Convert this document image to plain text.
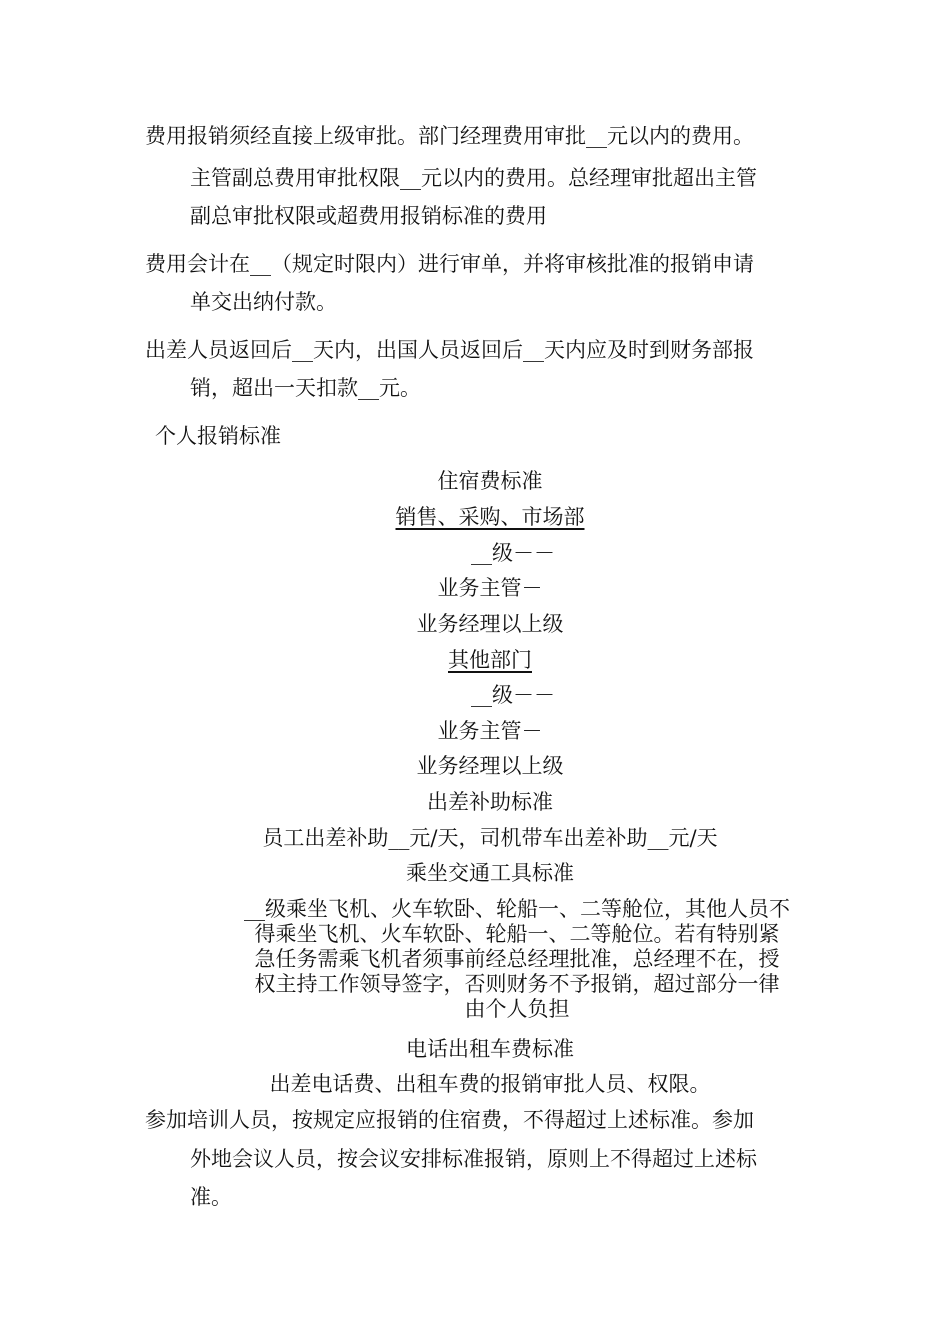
费用报销须经直接上级审批。部门经理费用审批__元以内的费用。
主管副总费用审批权限__元以内的费用。总经理审批超出主管
副总审批权限或超费用报销标准的费用
费用会计在__（规定时限内）进行审单，并将审核批准的报销申请
单交出纳付款。
出差人员返回后__天内，出国人员返回后__天内应及时到财务部报
销，超出一天扣款__元。
个人报销标准
住宿费标准
销售、采购、市场部
__级－－
业务主管－
业务经理以上级
其他部门
__级－－
业务主管－
业务经理以上级
出差补助标准
员工出差补助__元/天，司机带车出差补助__元/天
乘坐交通工具标准
__级乘坐飞机、火车软卧、轮船一、二等舱位，其他人员不
得乘坐飞机、火车软卧、轮船一、二等舱位。若有特别紧
急任务需乘飞机者须事前经总经理批准，总经理不在，授
权主持工作领导签字，否则财务不予报销，超过部分一律
由个人负担
电话出租车费标准
出差电话费、出租车费的报销审批人员、权限。
参加培训人员，按规定应报销的住宿费，不得超过上述标准。参加
外地会议人员，按会议安排标准报销，原则上不得超过上述标
准。
